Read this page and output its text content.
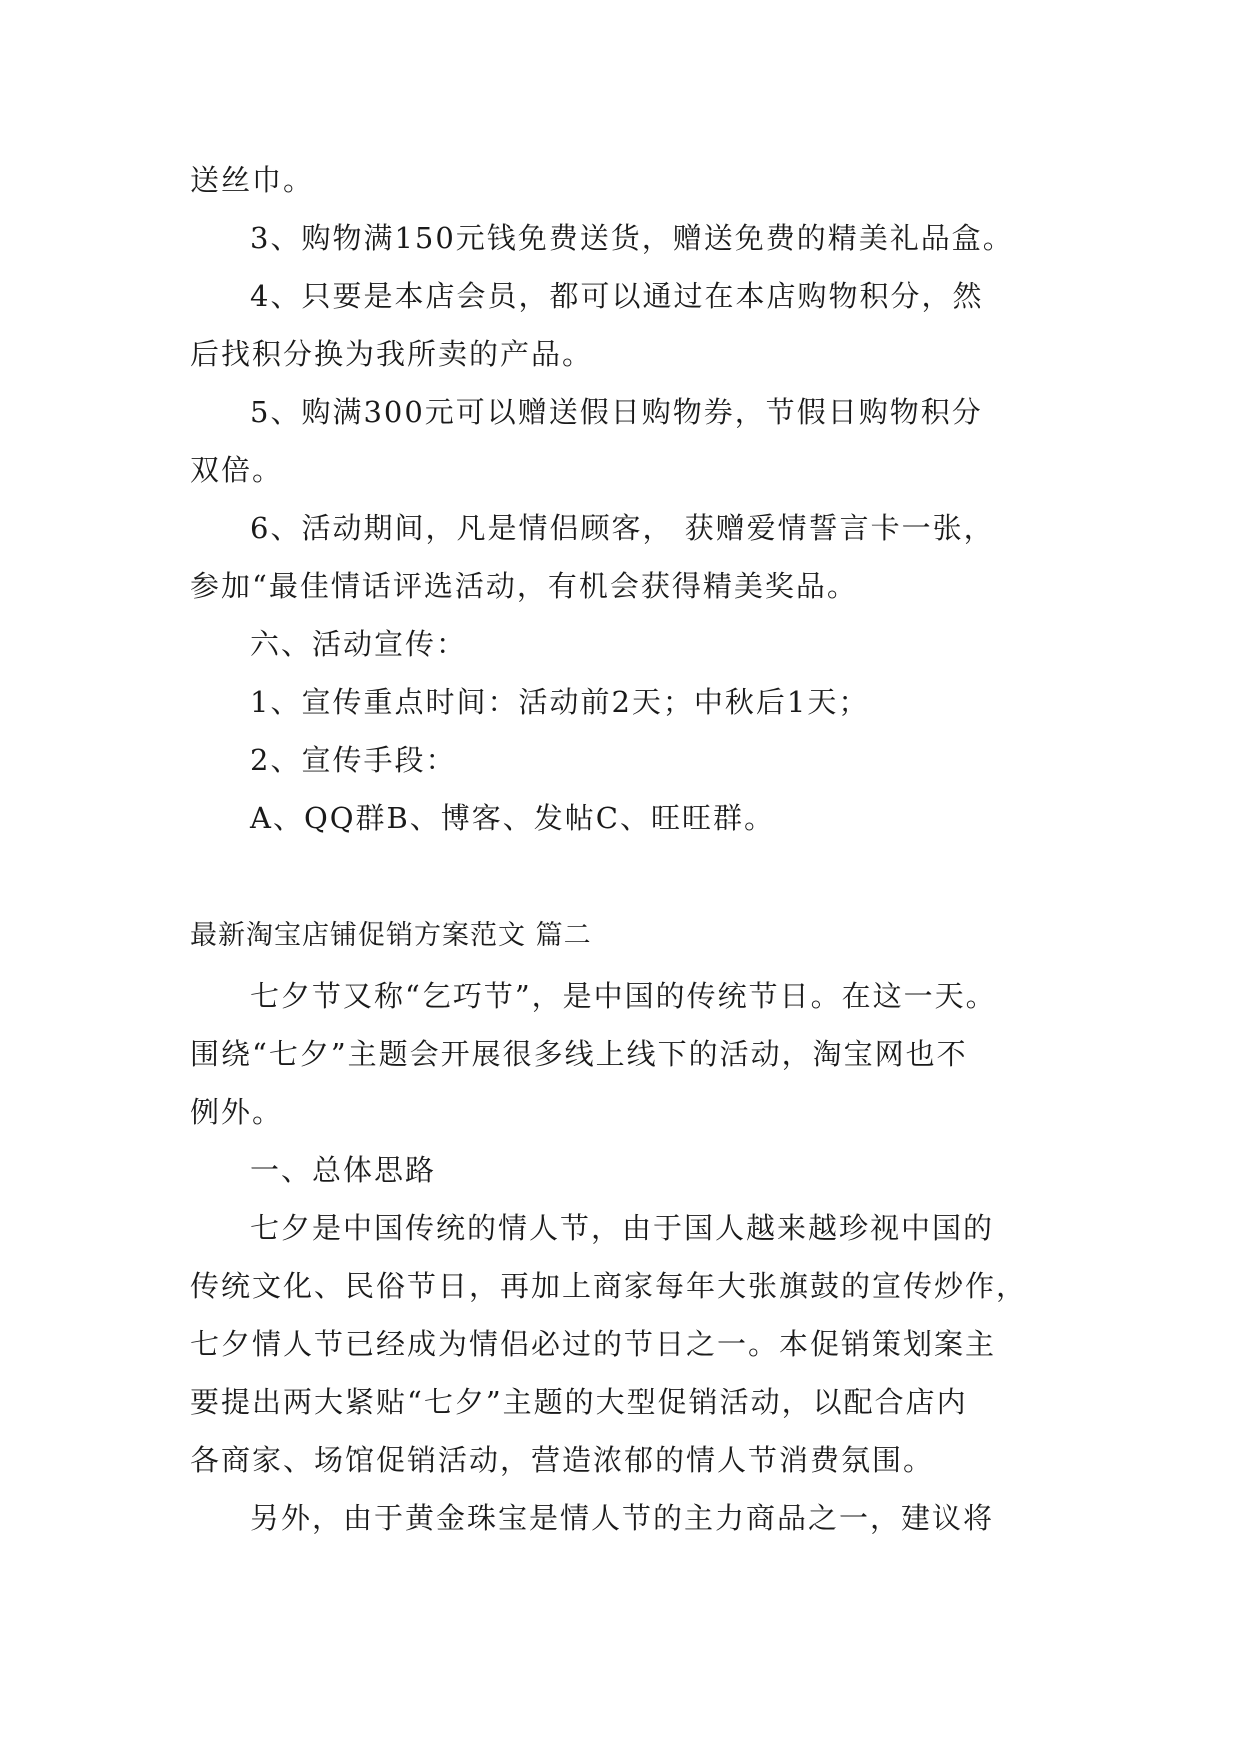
送丝巾。
3、购物满150元钱免费送货，赠送免费的精美礼品盒。
4、只要是本店会员，都可以通过在本店购物积分，然
后找积分换为我所卖的产品。
5、购满300元可以赠送假日购物券，节假日购物积分
双倍。
6、活动期间，凡是情侣顾客， 获赠爱情誓言卡一张，
参加“最佳情话评选活动，有机会获得精美奖品。
六、活动宣传：
1、宣传重点时间：活动前2天；中秋后1天；
2、宣传手段：
A、QQ群B、博客、发帖C、旺旺群。
最新淘宝店铺促销方案范文 篇二
七夕节又称“乞巧节”，是中国的传统节日。在这一天。
围绕“七夕”主题会开展很多线上线下的活动，淘宝网也不
例外。
一、总体思路
七夕是中国传统的情人节，由于国人越来越珍视中国的
传统文化、民俗节日，再加上商家每年大张旗鼓的宣传炒作，
七夕情人节已经成为情侣必过的节日之一。本促销策划案主
要提出两大紧贴“七夕”主题的大型促销活动，以配合店内
各商家、场馆促销活动，营造浓郁的情人节消费氛围。
另外，由于黄金珠宝是情人节的主力商品之一，建议将
